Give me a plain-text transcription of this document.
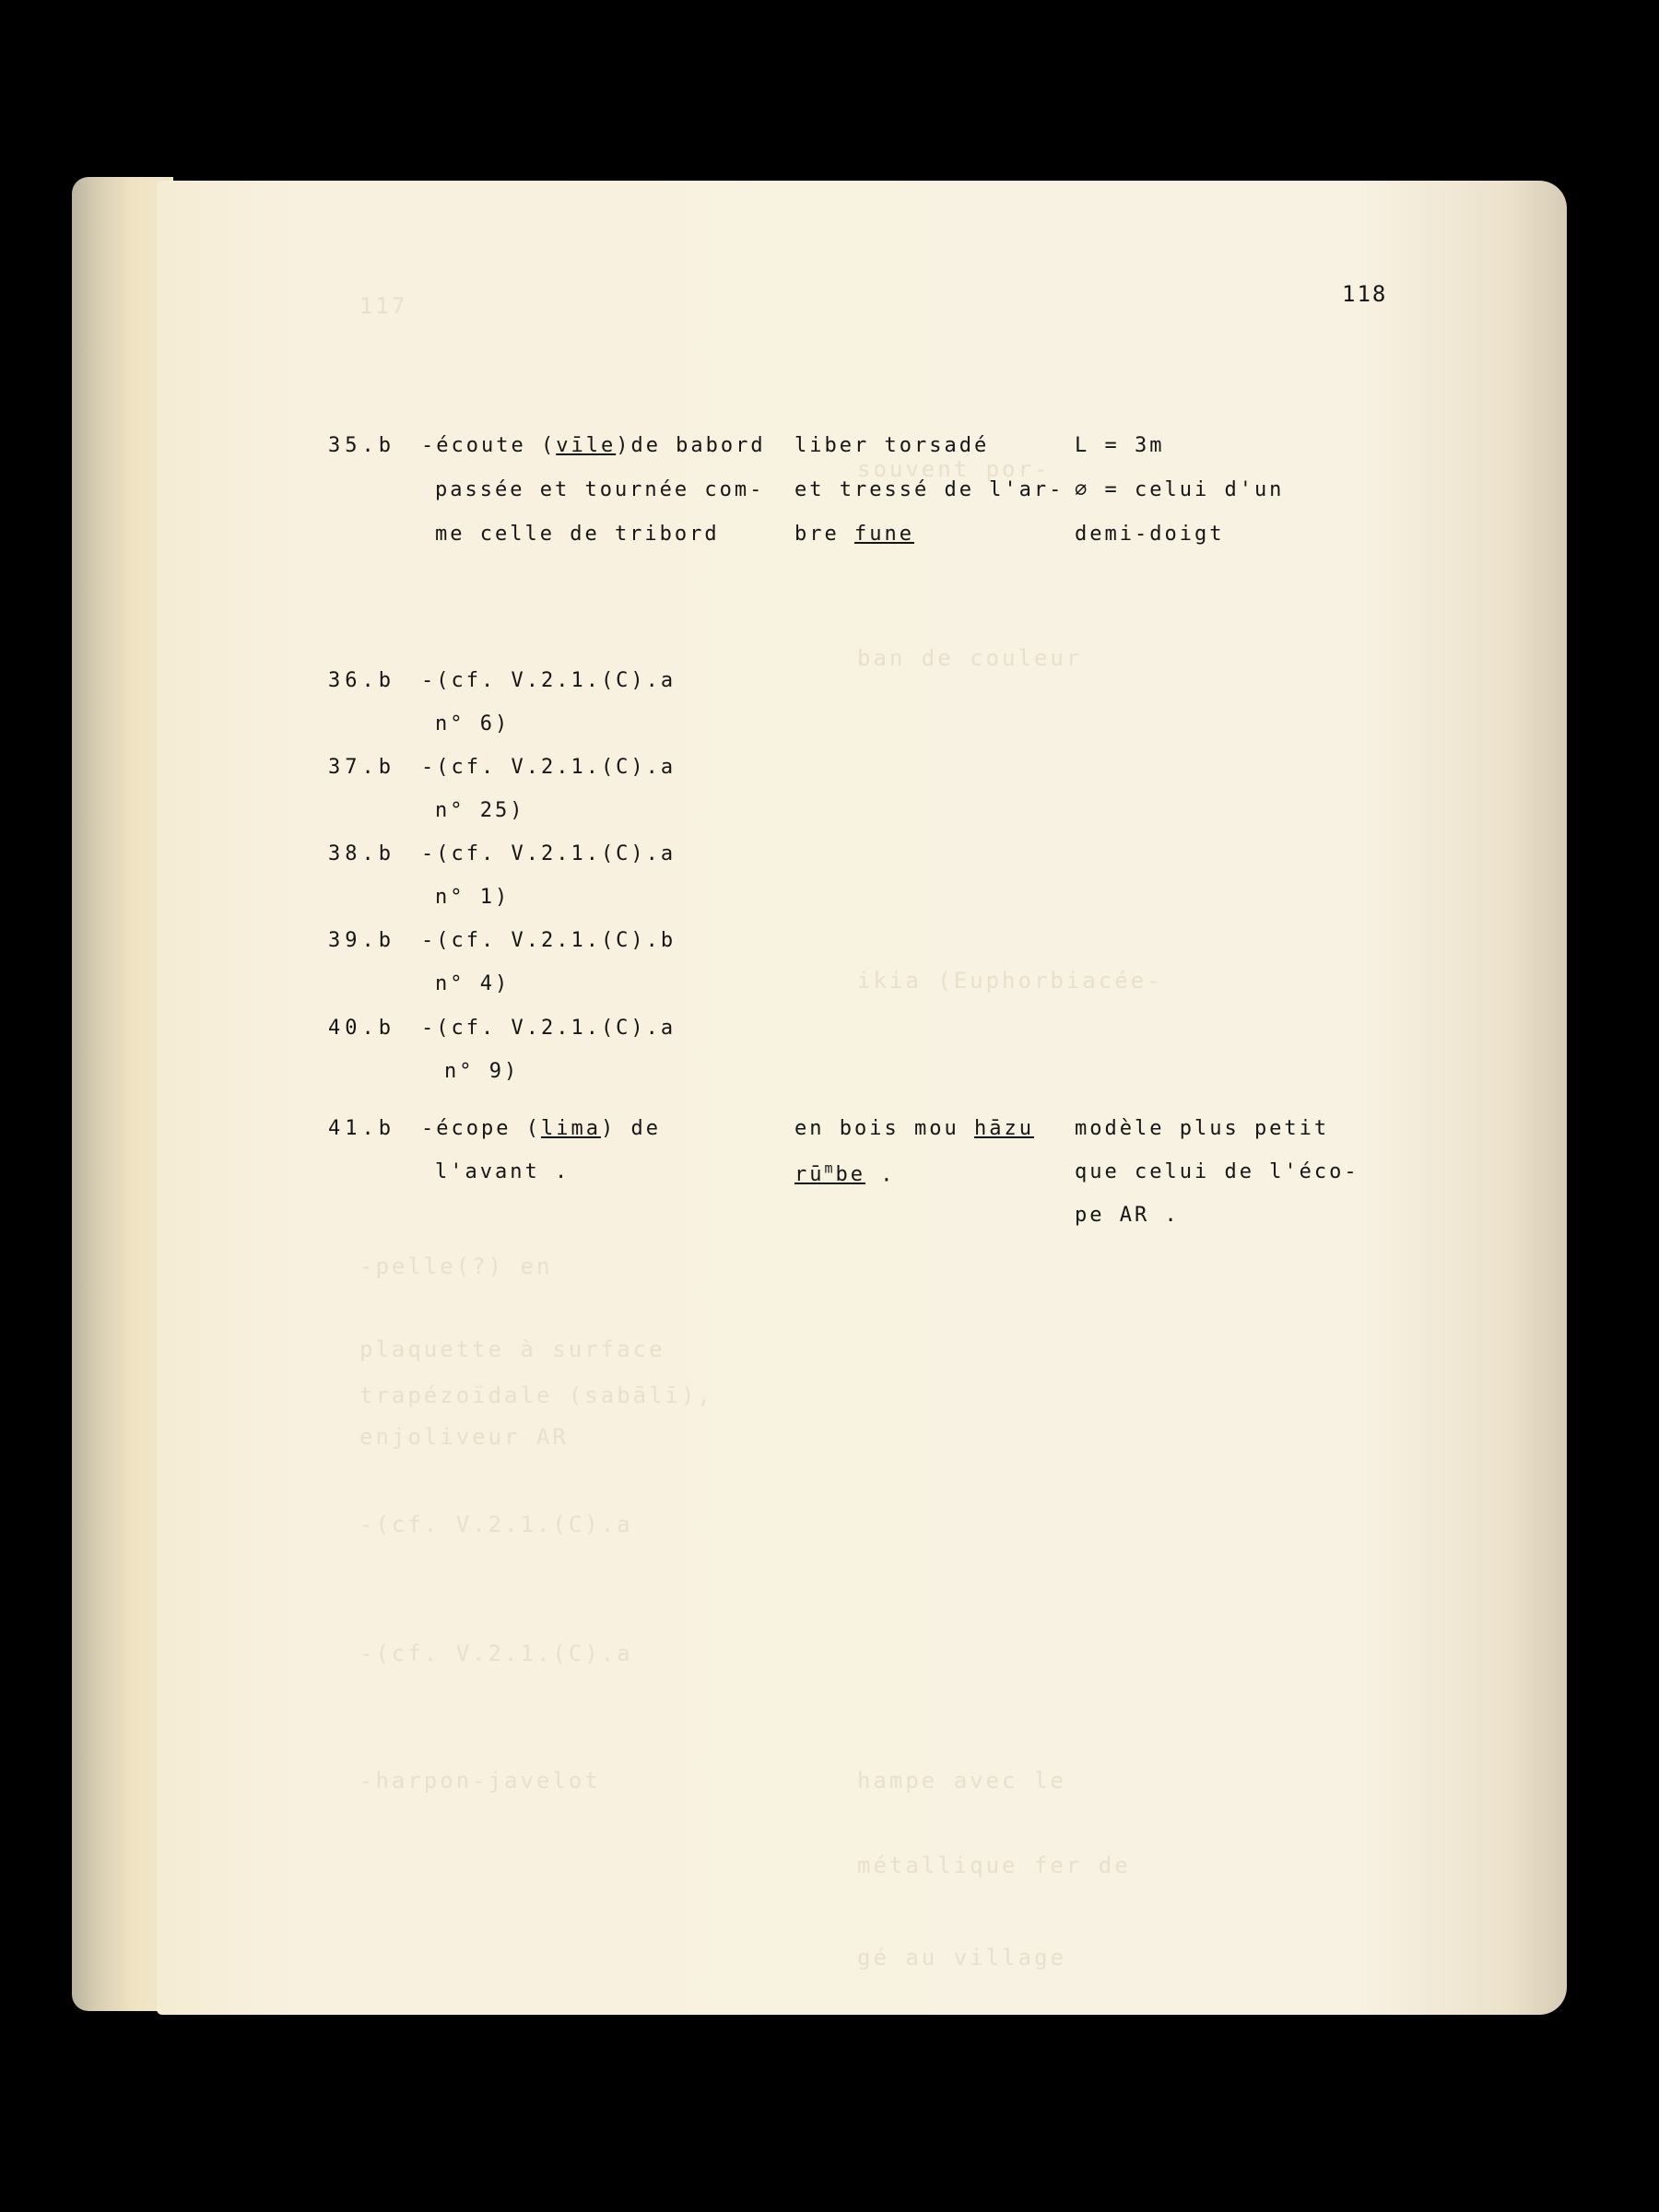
117
souvent por-
ban de couleur
ikia (Euphorbiacée-
-pelle(?) en
plaquette à surface
trapézoïdale (sabālī),
enjoliveur AR
-(cf. V.2.1.(C).a
-(cf. V.2.1.(C).a
-harpon-javelot	hampe avec le
métallique fer de
gé au village
118
35.b -écoute (vīle)de babord
passée et tournée com-
me celle de tribord
liber torsadé
et tressé de l'ar-
bre fune
L = 3m
∅ = celui d'un
demi-doigt
36.b -(cf. V.2.1.(C).a
n° 6)
37.b -(cf. V.2.1.(C).a
n° 25)
38.b -(cf. V.2.1.(C).a
n° 1)
39.b -(cf. V.2.1.(C).b
n° 4)
40.b -(cf. V.2.1.(C).a
n° 9)
41.b -écope (lima) de
l'avant .
en bois mou hāzu
$rū^mbe$ .
modèle plus petit
que celui de l'éco-
pe AR .
